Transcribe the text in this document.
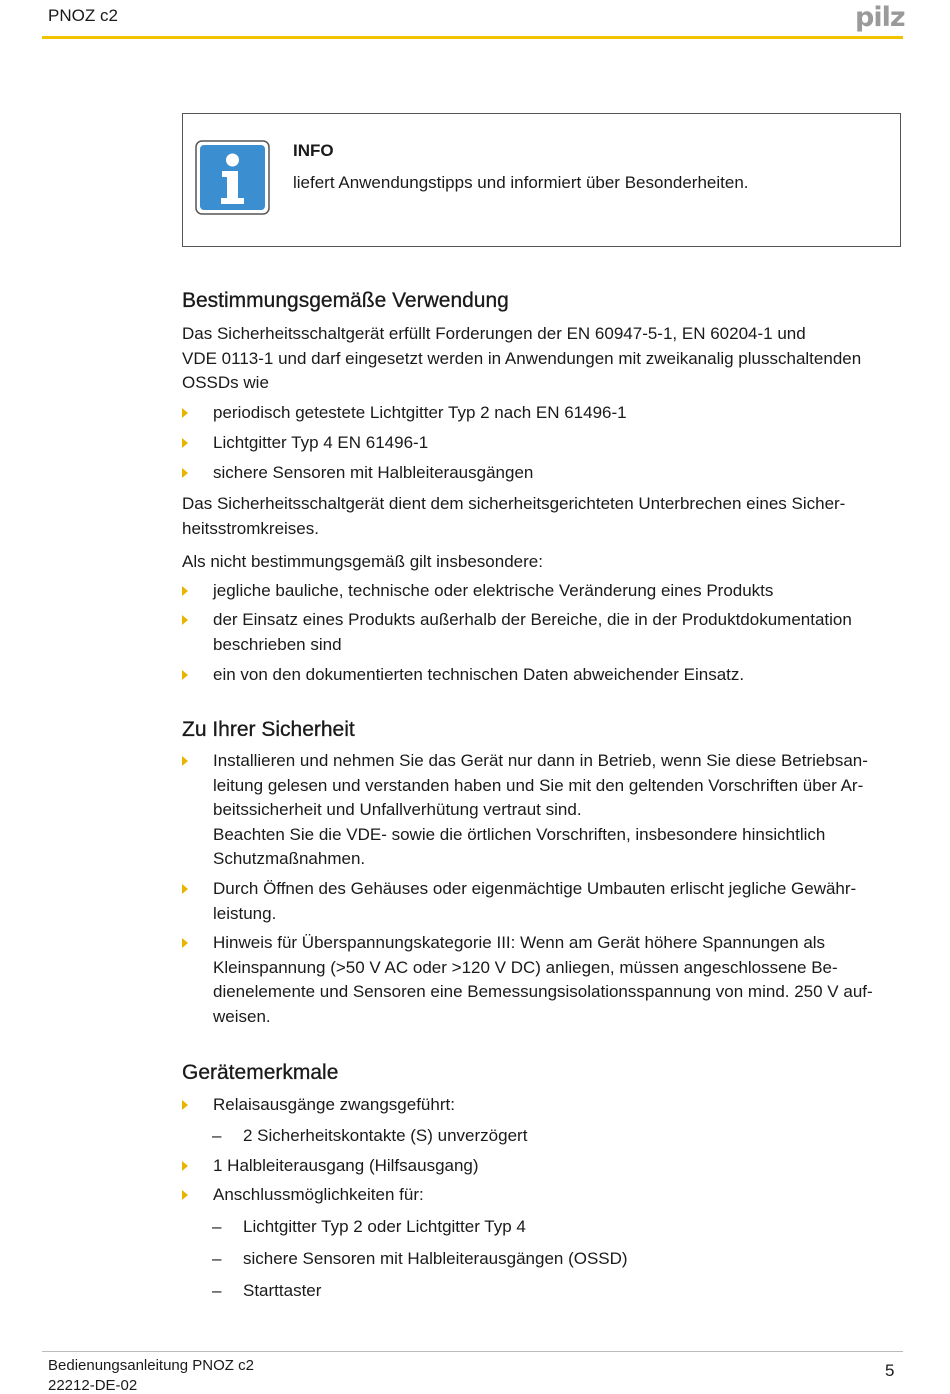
PNOZ c2	pilz
INFO
liefert Anwendungstipps und informiert über Besonderheiten.
Bestimmungsgemäße Verwendung
Das Sicherheitsschaltgerät erfüllt Forderungen der EN 60947-5-1, EN 60204-1 und
VDE 0113-1 und darf eingesetzt werden in Anwendungen mit zweikanalig plusschaltenden
OSSDs wie
periodisch getestete Lichtgitter Typ 2 nach EN 61496-1
Lichtgitter Typ 4 EN 61496-1
sichere Sensoren mit Halbleiterausgängen
Das Sicherheitsschaltgerät dient dem sicherheitsgerichteten Unterbrechen eines Sicher-
heitsstromkreises.
Als nicht bestimmungsgemäß gilt insbesondere:
jegliche bauliche, technische oder elektrische Veränderung eines Produkts
der Einsatz eines Produkts außerhalb der Bereiche, die in der Produktdokumentation
beschrieben sind
ein von den dokumentierten technischen Daten abweichender Einsatz.
Zu Ihrer Sicherheit
Installieren und nehmen Sie das Gerät nur dann in Betrieb, wenn Sie diese Betriebsan-
leitung gelesen und verstanden haben und Sie mit den geltenden Vorschriften über Ar-
beitssicherheit und Unfallverhütung vertraut sind.
Beachten Sie die VDE- sowie die örtlichen Vorschriften, insbesondere hinsichtlich
Schutzmaßnahmen.
Durch Öffnen des Gehäuses oder eigenmächtige Umbauten erlischt jegliche Gewähr-
leistung.
Hinweis für Überspannungskategorie III: Wenn am Gerät höhere Spannungen als
Kleinspannung (>50 V AC oder >120 V DC) anliegen, müssen angeschlossene Be-
dienelemente und Sensoren eine Bemessungsisolationsspannung von mind. 250 V auf-
weisen.
Gerätemerkmale
Relaisausgänge zwangsgeführt:
– 2 Sicherheitskontakte (S) unverzögert
1 Halbleiterausgang (Hilfsausgang)
Anschlussmöglichkeiten für:
– Lichtgitter Typ 2 oder Lichtgitter Typ 4
– sichere Sensoren mit Halbleiterausgängen (OSSD)
– Starttaster
Bedienungsanleitung PNOZ c2
22212-DE-02
5
